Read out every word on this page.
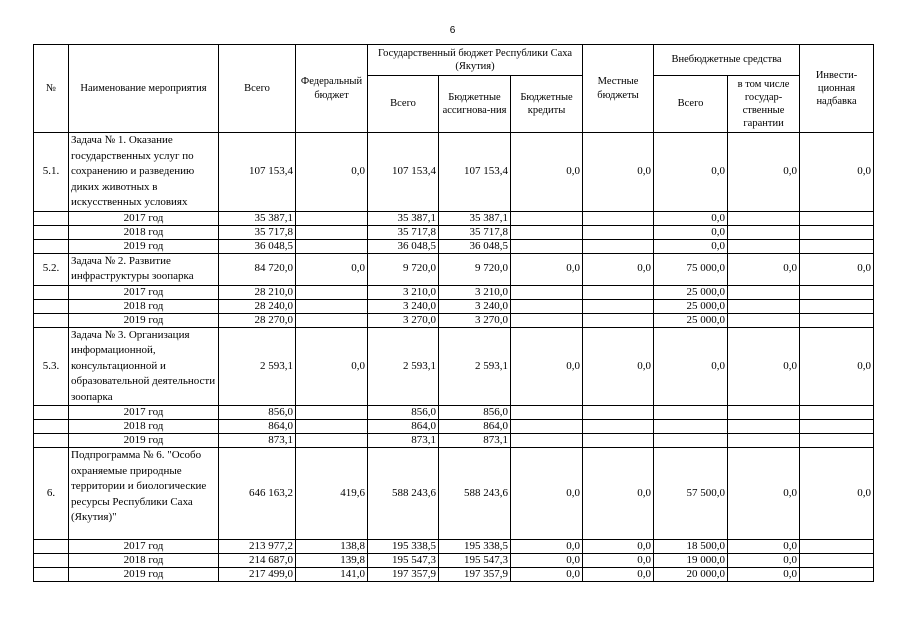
6
№	Наименование мероприятия	Всего	Федеральный бюджет	Государственный бюджет Республики Саха (Якутия)			Местные бюджеты	Внебюджетные средства		Инвести-ционная надбавка
				Всего	Бюджетные ассигнова-ния	Бюджетные кредиты		Всего	в том числе государ-ственные гарантии	
5.1.	Задача № 1. Оказание государственных услуг по сохранению и разведению диких животных в искусственных условиях	107 153,4	0,0	107 153,4	107 153,4	0,0	0,0	0,0	0,0	0,0
	2017 год	35 387,1		35 387,1	35 387,1			0,0		
	2018 год	35 717,8		35 717,8	35 717,8			0,0		
	2019 год	36 048,5		36 048,5	36 048,5			0,0		
5.2.	Задача № 2. Развитие инфраструктуры зоопарка	84 720,0	0,0	9 720,0	9 720,0	0,0	0,0	75 000,0	0,0	0,0
	2017 год	28 210,0		3 210,0	3 210,0			25 000,0		
	2018 год	28 240,0		3 240,0	3 240,0			25 000,0		
	2019 год	28 270,0		3 270,0	3 270,0			25 000,0		
5.3.	Задача № 3. Организация информационной, консультационной и образовательной деятельности зоопарка	2 593,1	0,0	2 593,1	2 593,1	0,0	0,0	0,0	0,0	0,0
	2017 год	856,0		856,0	856,0					
	2018 год	864,0		864,0	864,0					
	2019 год	873,1		873,1	873,1					
6.	Подпрограмма № 6. "Особо охраняемые природные территории и биологические ресурсы Республики Саха (Якутия)"	646 163,2	419,6	588 243,6	588 243,6	0,0	0,0	57 500,0	0,0	0,0
	2017 год	213 977,2	138,8	195 338,5	195 338,5	0,0	0,0	18 500,0	0,0	
	2018 год	214 687,0	139,8	195 547,3	195 547,3	0,0	0,0	19 000,0	0,0	
	2019 год	217 499,0	141,0	197 357,9	197 357,9	0,0	0,0	20 000,0	0,0	
